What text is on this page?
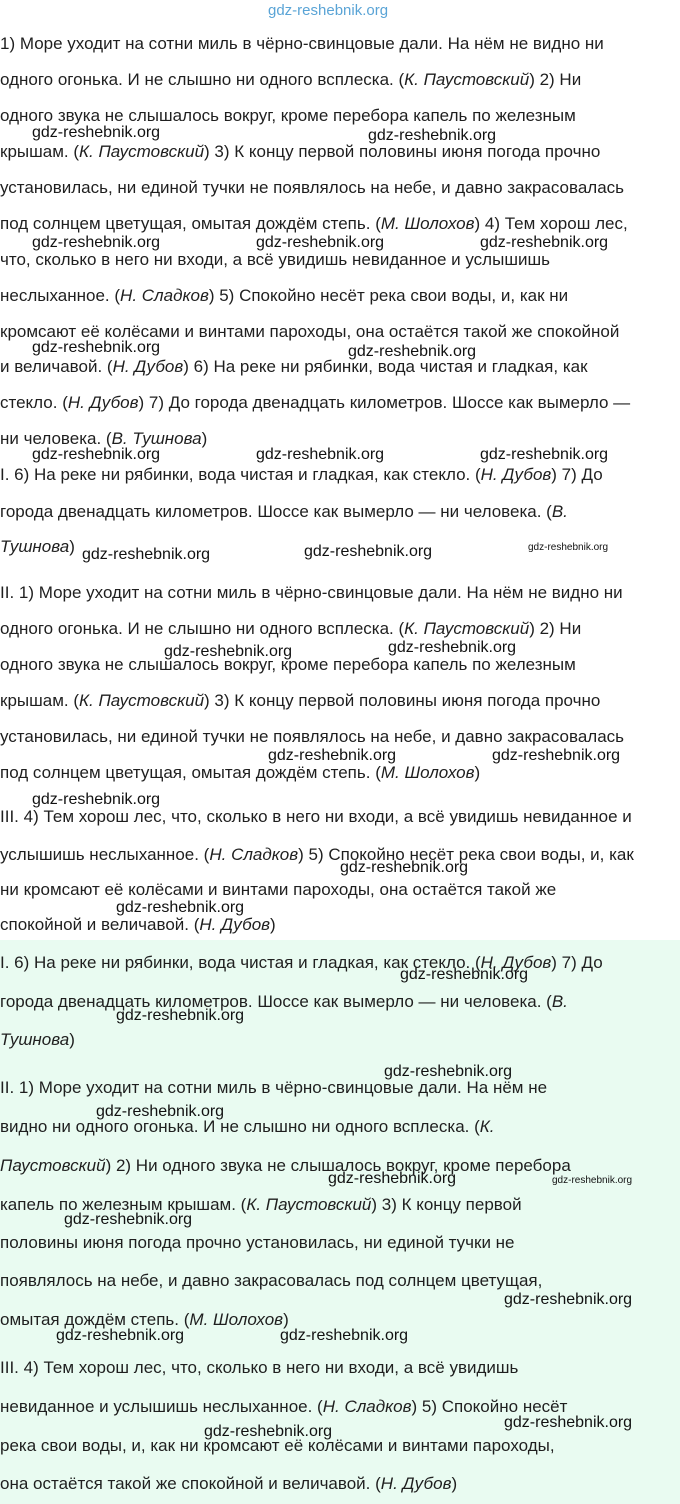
1) Море уходит на сотни миль в чёрно-свинцовые дали. На нём не видно ни
одного огонька. И не слышно ни одного всплеска. (К. Паустовский) 2) Ни
одного звука не слышалось вокруг, кроме перебора капель по железным
крышам. (К. Паустовский) 3) К концу первой половины июня погода прочно
установилась, ни единой тучки не появлялось на небе, и давно закрасовалась
под солнцем цветущая, омытая дождём степь. (М. Шолохов) 4) Тем хорош лес,
что, сколько в него ни входи, а всё увидишь невиданное и услышишь
неслыханное. (Н. Сладков) 5) Спокойно несёт река свои воды, и, как ни
кромсают её колёсами и винтами пароходы, она остаётся такой же спокойной
и величавой. (Н. Дубов) 6) На реке ни рябинки, вода чистая и гладкая, как
стекло. (Н. Дубов) 7) До города двенадцать километров. Шоссе как вымерло —
ни человека. (В. Тушнова)
I. 6) На реке ни рябинки, вода чистая и гладкая, как стекло. (Н. Дубов) 7) До
города двенадцать километров. Шоссе как вымерло — ни человека. (В.
Тушнова)
II. 1) Море уходит на сотни миль в чёрно-свинцовые дали. На нём не видно ни
одного огонька. И не слышно ни одного всплеска. (К. Паустовский) 2) Ни
одного звука не слышалось вокруг, кроме перебора капель по железным
крышам. (К. Паустовский) 3) К концу первой половины июня погода прочно
установилась, ни единой тучки не появлялось на небе, и давно закрасовалась
под солнцем цветущая, омытая дождём степь. (М. Шолохов)
III. 4) Тем хорош лес, что, сколько в него ни входи, а всё увидишь невиданное и
услышишь неслыханное. (Н. Сладков) 5) Спокойно несёт река свои воды, и, как
ни кромсают её колёсами и винтами пароходы, она остаётся такой же
спокойной и величавой. (Н. Дубов)
I. 6) На реке ни рябинки, вода чистая и гладкая, как стекло. (Н. Дубов) 7) До
города двенадцать километров. Шоссе как вымерло — ни человека. (В.
Тушнова)
II. 1) Море уходит на сотни миль в чёрно-свинцовые дали. На нём не
видно ни одного огонька. И не слышно ни одного всплеска. (К.
Паустовский) 2) Ни одного звука не слышалось вокруг, кроме перебора
капель по железным крышам. (К. Паустовский) 3) К концу первой
половины июня погода прочно установилась, ни единой тучки не
появлялось на небе, и давно закрасовалась под солнцем цветущая,
омытая дождём степь. (М. Шолохов)
III. 4) Тем хорош лес, что, сколько в него ни входи, а всё увидишь
невиданное и услышишь неслыханное. (Н. Сладков) 5) Спокойно несёт
река свои воды, и, как ни кромсают её колёсами и винтами пароходы,
она остаётся такой же спокойной и величавой. (Н. Дубов)
gdz-reshebnik.org
gdz-reshebnik.org	gdz-reshebnik.org
gdz-reshebnik.org	gdz-reshebnik.org	gdz-reshebnik.org
gdz-reshebnik.org	gdz-reshebnik.org
gdz-reshebnik.org	gdz-reshebnik.org	gdz-reshebnik.org
gdz-reshebnik.org	gdz-reshebnik.org	gdz-reshebnik.org
gdz-reshebnik.org	gdz-reshebnik.org
gdz-reshebnik.org	gdz-reshebnik.org
gdz-reshebnik.org
gdz-reshebnik.org
gdz-reshebnik.org
gdz-reshebnik.org
gdz-reshebnik.org
gdz-reshebnik.org
gdz-reshebnik.org
gdz-reshebnik.org	gdz-reshebnik.org
gdz-reshebnik.org
gdz-reshebnik.org
gdz-reshebnik.org	gdz-reshebnik.org
gdz-reshebnik.org
gdz-reshebnik.org
